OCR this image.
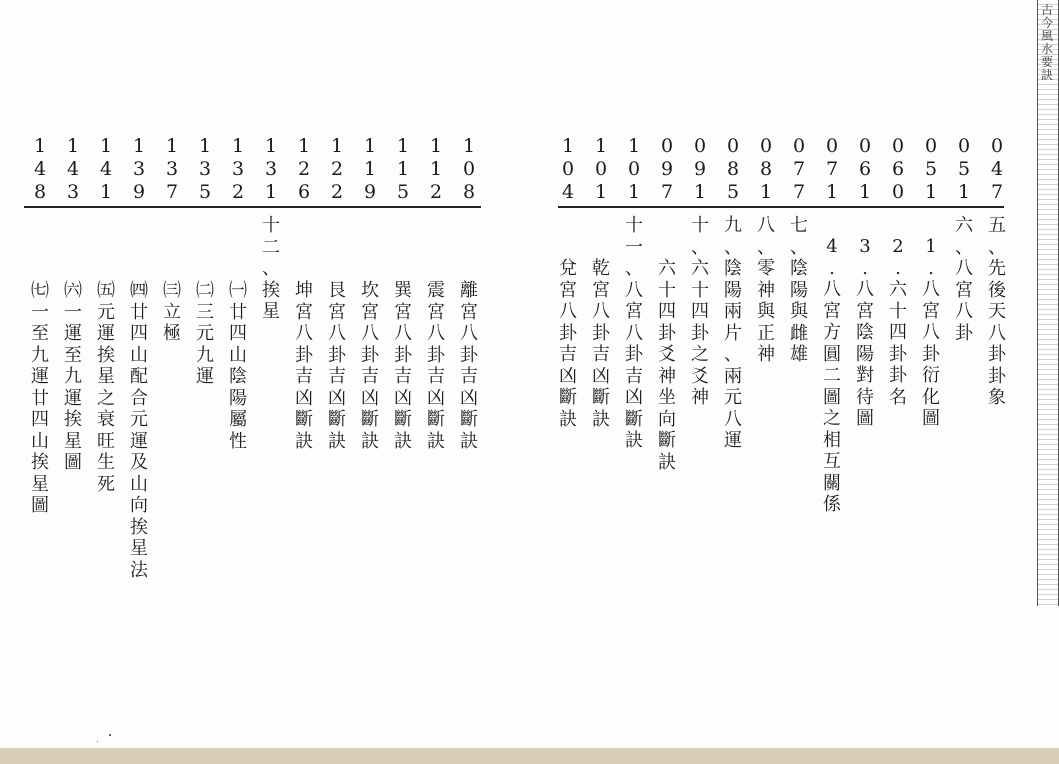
0
4
7
五
、
先
後
天
八
卦
卦
象
0
5
1
六
、
八
宮
八
卦
0
5
1
1
.
八
宮
八
卦
衍
化
圖
0
6
0
2
.
六
十
四
卦
卦
名
0
6
1
3
.
八
宮
陰
陽
對
待
圖
0
7
1
4
.
八
宮
方
圓
二
圖
之
相
互
關
係
0
7
7
七
、
陰
陽
與
雌
雄
0
8
1
八
、
零
神
與
正
神
0
8
5
九
、
陰
陽
兩
片
、
兩
元
八
運
0
9
1
十
、
六
十
四
卦
之
爻
神
0
9
7
六
十
四
卦
爻
神
坐
向
斷
訣
1
0
1
十
一
、
八
宮
八
卦
吉
凶
斷
訣
1
0
1
乾
宮
八
卦
吉
凶
斷
訣
1
0
4
兌
宮
八
卦
吉
凶
斷
訣
1
0
8
離
宮
八
卦
吉
凶
斷
訣
1
1
2
震
宮
八
卦
吉
凶
斷
訣
1
1
5
巽
宮
八
卦
吉
凶
斷
訣
1
1
9
坎
宮
八
卦
吉
凶
斷
訣
1
2
2
艮
宮
八
卦
吉
凶
斷
訣
1
2
6
坤
宮
八
卦
吉
凶
斷
訣
1
3
1
十
二
、
挨
星
1
3
2
㈠
廿
四
山
陰
陽
屬
性
1
3
5
㈡
三
元
九
運
1
3
7
㈢
立
極
1
3
9
㈣
廿
四
山
配
合
元
運
及
山
向
挨
星
法
1
4
1
㈤
元
運
挨
星
之
衰
旺
生
死
1
4
3
㈥
一
運
至
九
運
挨
星
圖
1
4
8
㈦
一
至
九
運
廿
四
山
挨
星
圖
古
今
風
水
要
訣
